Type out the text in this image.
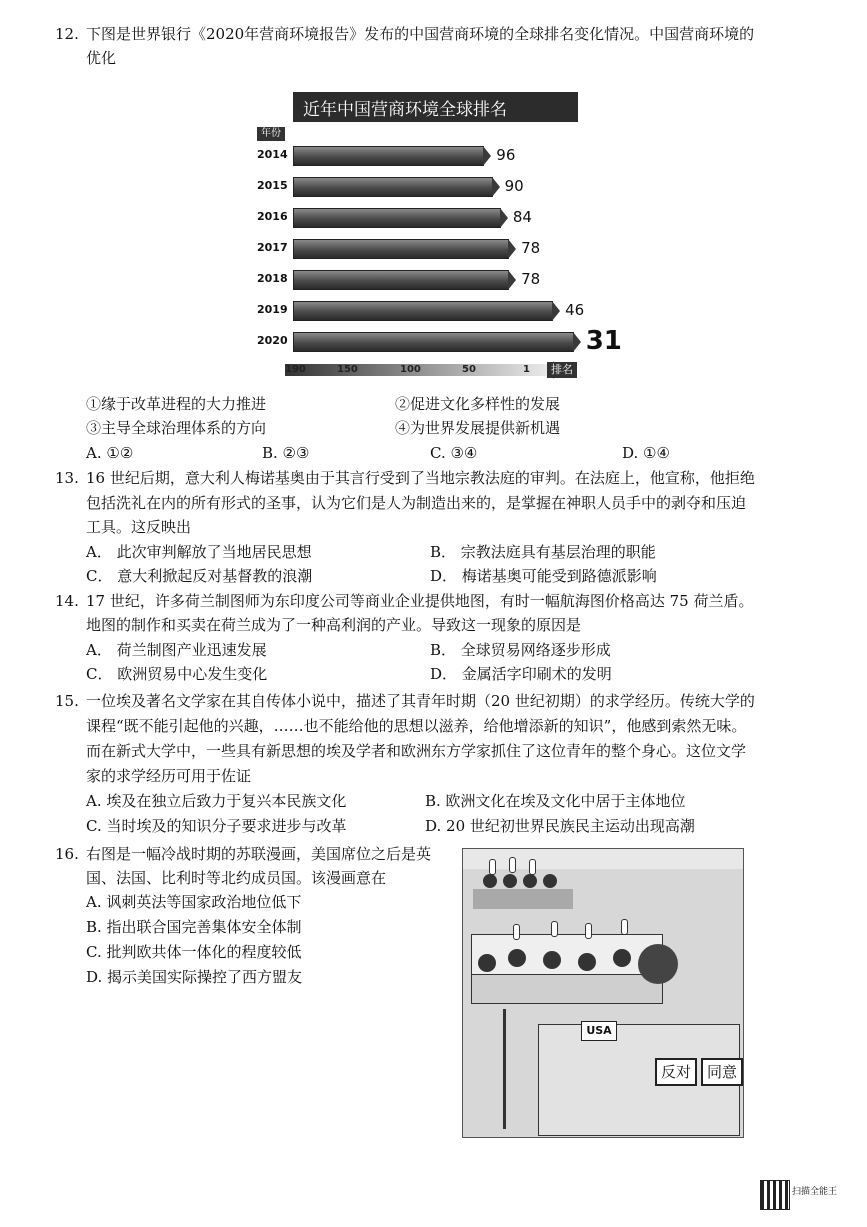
12. 下图是世界银行《2020年营商环境报告》发布的中国营商环境的全球排名变化情况。中国营商环境的
优化
近年中国营商环境全球排名
年份
2014	96
2015	90
2016	84
2017	78
2018	78
2019	46
2020	31
190	150	100	50	1	排名
①缘于改革进程的大力推进	②促进文化多样性的发展
③主导全球治理体系的方向	④为世界发展提供新机遇
A. ①②	B. ②③	C. ③④	D. ①④
13. 16 世纪后期，意大利人梅诺基奥由于其言行受到了当地宗教法庭的审判。在法庭上，他宣称，他拒绝
包括洗礼在内的所有形式的圣事，认为它们是人为制造出来的，是掌握在神职人员手中的剥夺和压迫
工具。这反映出
A． 此次审判解放了当地居民思想	B． 宗教法庭具有基层治理的职能
C． 意大利掀起反对基督教的浪潮	D． 梅诺基奥可能受到路德派影响
14. 17 世纪，许多荷兰制图师为东印度公司等商业企业提供地图，有时一幅航海图价格高达 75 荷兰盾。
地图的制作和买卖在荷兰成为了一种高利润的产业。导致这一现象的原因是
A． 荷兰制图产业迅速发展	B． 全球贸易网络逐步形成
C． 欧洲贸易中心发生变化	D． 金属活字印刷术的发明
15. 一位埃及著名文学家在其自传体小说中，描述了其青年时期（20 世纪初期）的求学经历。传统大学的
课程“既不能引起他的兴趣，……也不能给他的思想以滋养，给他增添新的知识”，他感到索然无味。
而在新式大学中，一些具有新思想的埃及学者和欧洲东方学家抓住了这位青年的整个身心。这位文学
家的求学经历可用于佐证
A. 埃及在独立后致力于复兴本民族文化	B. 欧洲文化在埃及文化中居于主体地位
C. 当时埃及的知识分子要求进步与改革	D. 20 世纪初世界民族民主运动出现高潮
16. 右图是一幅冷战时期的苏联漫画，美国席位之后是英
国、法国、比利时等北约成员国。该漫画意在
A. 讽刺英法等国家政治地位低下
B. 指出联合国完善集体安全体制
C. 批判欧共体一体化的程度较低
D. 揭示美国实际操控了西方盟友
USA
反对	同意
扫描全能王
